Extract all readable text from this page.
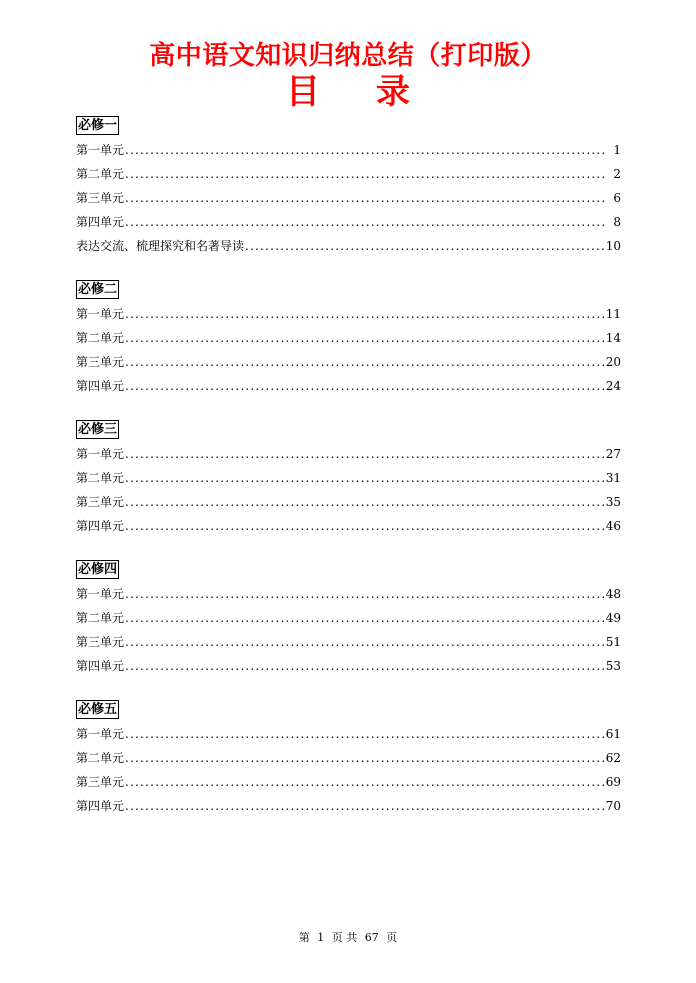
高中语文知识归纳总结（打印版）
目 录
必修一
第一单元 .....	1
第二单元 .....	2
第三单元 .....	6
第四单元 .....	8
表达交流、梳理探究和名著导读 .....	10
必修二
第一单元 .....	11
第二单元 .....	14
第三单元 .....	20
第四单元 .....	24
必修三
第一单元 .....	27
第二单元 .....	31
第三单元 .....	35
第四单元 .....	46
必修四
第一单元 .....	48
第二单元 .....	49
第三单元 .....	51
第四单元 .....	53
必修五
第一单元 .....	61
第二单元 .....	62
第三单元 .....	69
第四单元 .....	70
第 1 页 共 67 页
